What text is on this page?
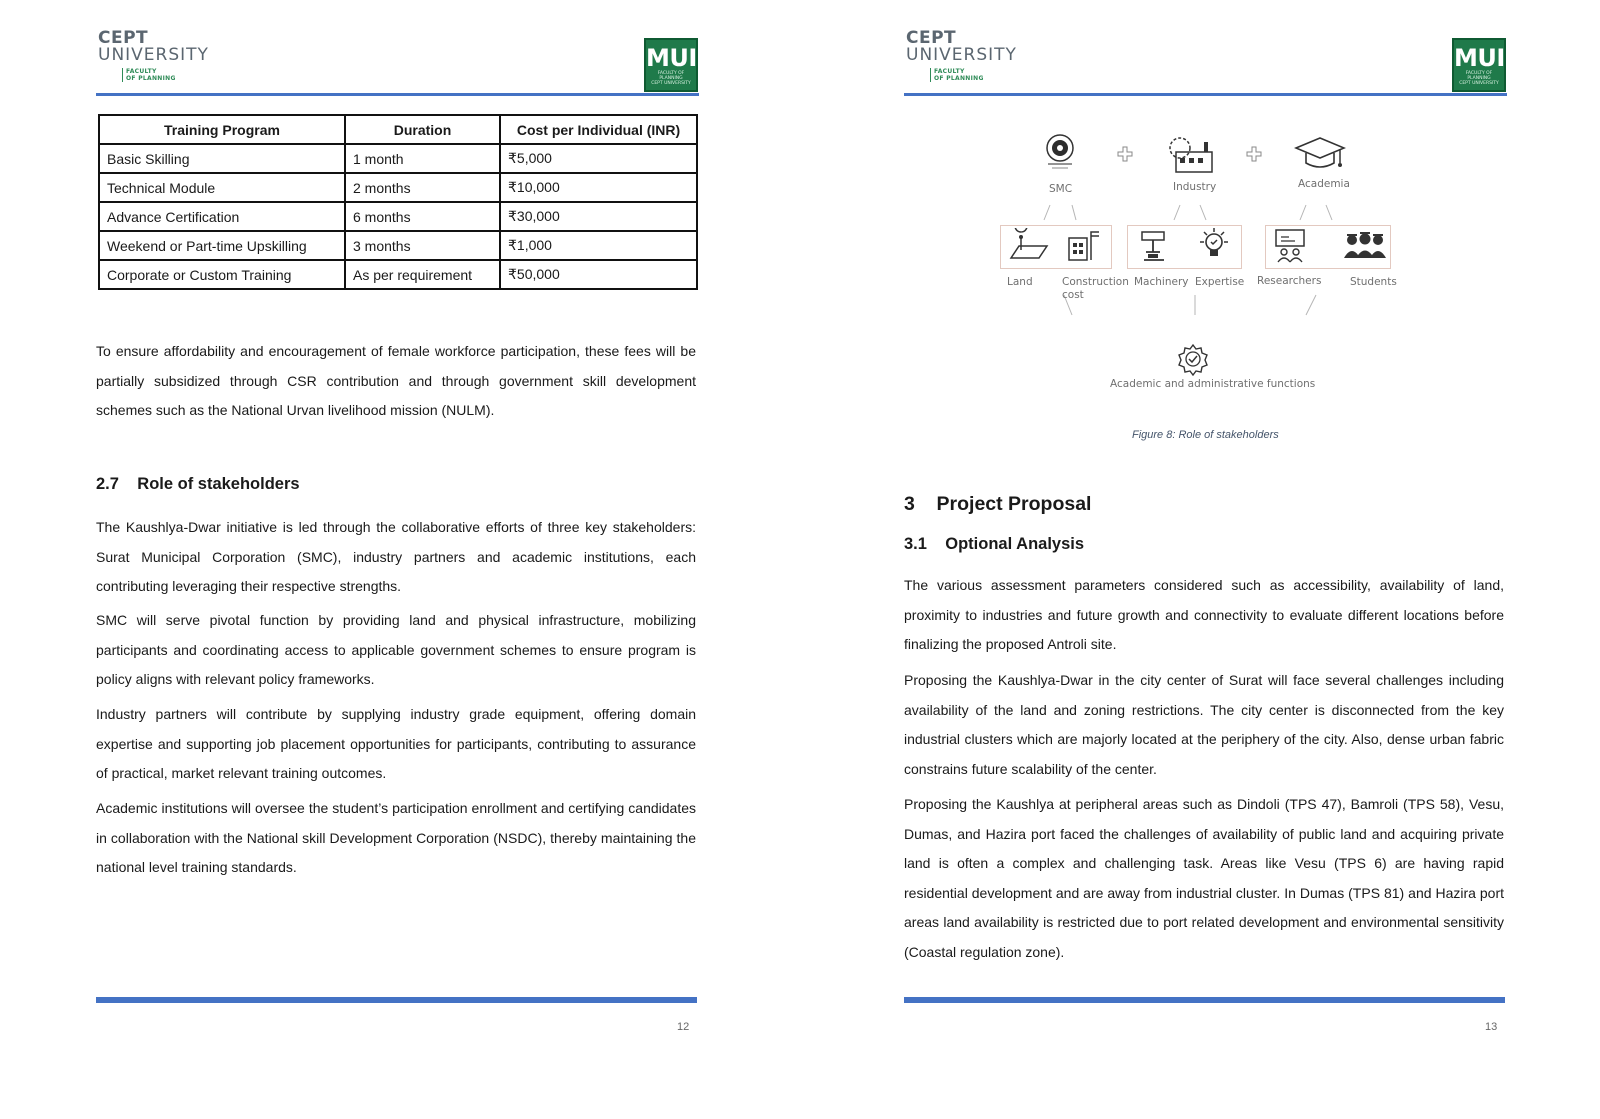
CEPT
UNIVERSITY
FACULTY
OF PLANNING
MUI
FACULTY OF PLANNING
CEPT UNIVERSITY
Training Program	Duration	Cost per Individual (INR)
Basic Skilling	1 month	₹5,000
Technical Module	2 months	₹10,000
Advance Certification	6 months	₹30,000
Weekend or Part-time Upskilling	3 months	₹1,000
Corporate or Custom Training	As per requirement	₹50,000

To ensure affordability and encouragement of female workforce participation, these fees will be partially subsidized through CSR contribution and through government skill development schemes such as the National Urvan livelihood mission (NULM).

2.7    Role of stakeholders

The Kaushlya-Dwar initiative is led through the collaborative efforts of three key stakeholders: Surat Municipal Corporation (SMC), industry partners and academic institutions, each contributing leveraging their respective strengths.

SMC will serve pivotal function by providing land and physical infrastructure, mobilizing participants and coordinating access to applicable government schemes to ensure program is policy aligns with relevant policy frameworks.

Industry partners will contribute by supplying industry grade equipment, offering domain expertise and supporting job placement opportunities for participants, contributing to assurance of practical, market relevant training outcomes.

Academic institutions will oversee the student’s participation enrollment and certifying candidates in collaboration with the National skill Development Corporation (NSDC), thereby maintaining the national level training standards.

12
CEPT
UNIVERSITY
FACULTY
OF PLANNING
MUI
FACULTY OF PLANNING
CEPT UNIVERSITY
SMC	Industry	Academia
Land	Construction
cost
Machinery Expertise Researchers	Students
Academic and administrative functions
Figure 8: Role of stakeholders
3    Project Proposal
3.1    Optional Analysis

The various assessment parameters considered such as accessibility, availability of land, proximity to industries and future growth and connectivity to evaluate different locations before finalizing the proposed Antroli site.

Proposing the Kaushlya-Dwar in the city center of Surat will face several challenges including availability of the land and zoning restrictions. The city center is disconnected from the key industrial clusters which are majorly located at the periphery of the city. Also, dense urban fabric constrains future scalability of the center.

Proposing the Kaushlya at peripheral areas such as Dindoli (TPS 47), Bamroli (TPS 58), Vesu, Dumas, and Hazira port faced the challenges of availability of public land and acquiring private land is often a complex and challenging task. Areas like Vesu (TPS 6) are having rapid residential development and are away from industrial cluster. In Dumas (TPS 81) and Hazira port areas land availability is restricted due to port related development and environmental sensitivity (Coastal regulation zone).

13
